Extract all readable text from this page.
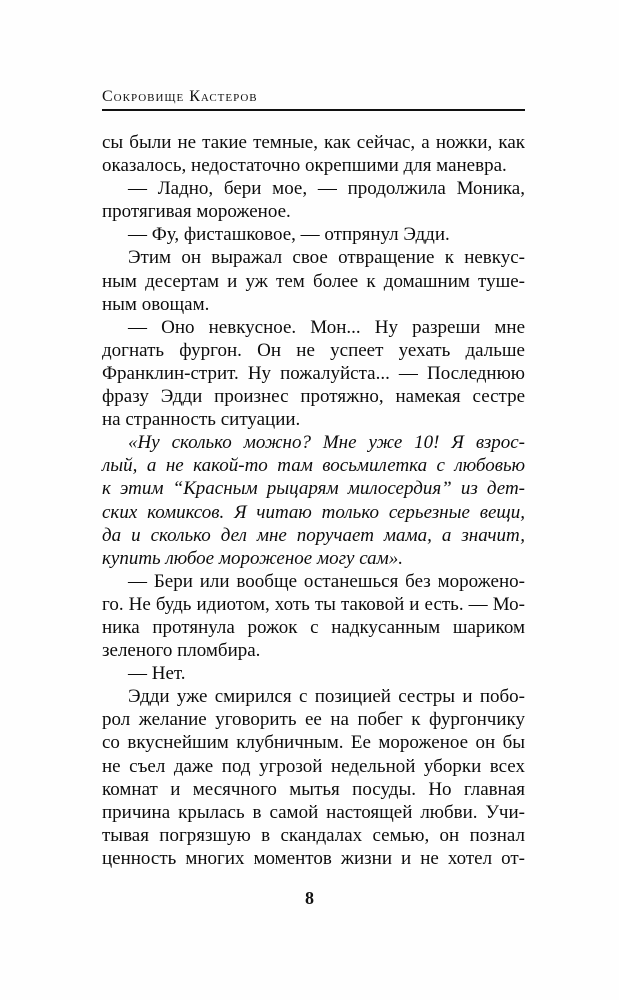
Сокровище Кастеров
сы были не такие темные, как сейчас, а ножки, как
оказалось, недостаточно окрепшими для маневра.
— Ладно, бери мое, — продолжила Моника,
протягивая мороженое.
— Фу, фисташковое, — отпрянул Эдди.
Этим он выражал свое отвращение к невкус-
ным десертам и уж тем более к домашним туше-
ным овощам.
— Оно невкусное. Мон... Ну разреши мне
догнать фургон. Он не успеет уехать дальше
Франклин-стрит. Ну пожалуйста... — Последнюю
фразу Эдди произнес протяжно, намекая сестре
на странность ситуации.
«Ну сколько можно? Мне уже 10! Я взрос-
лый, а не какой-то там восьмилетка с любовью
к этим “Красным рыцарям милосердия” из дет-
ских комиксов. Я читаю только серьезные вещи,
да и сколько дел мне поручает мама, а значит,
купить любое мороженое могу сам».
— Бери или вообще останешься без морожено-
го. Не будь идиотом, хоть ты таковой и есть. — Мо-
ника протянула рожок с надкусанным шариком
зеленого пломбира.
— Нет.
Эдди уже смирился с позицией сестры и побо-
рол желание уговорить ее на побег к фургончику
со вкуснейшим клубничным. Ее мороженое он бы
не съел даже под угрозой недельной уборки всех
комнат и месячного мытья посуды. Но главная
причина крылась в самой настоящей любви. Учи-
тывая погрязшую в скандалах семью, он познал
ценность многих моментов жизни и не хотел от-
8
